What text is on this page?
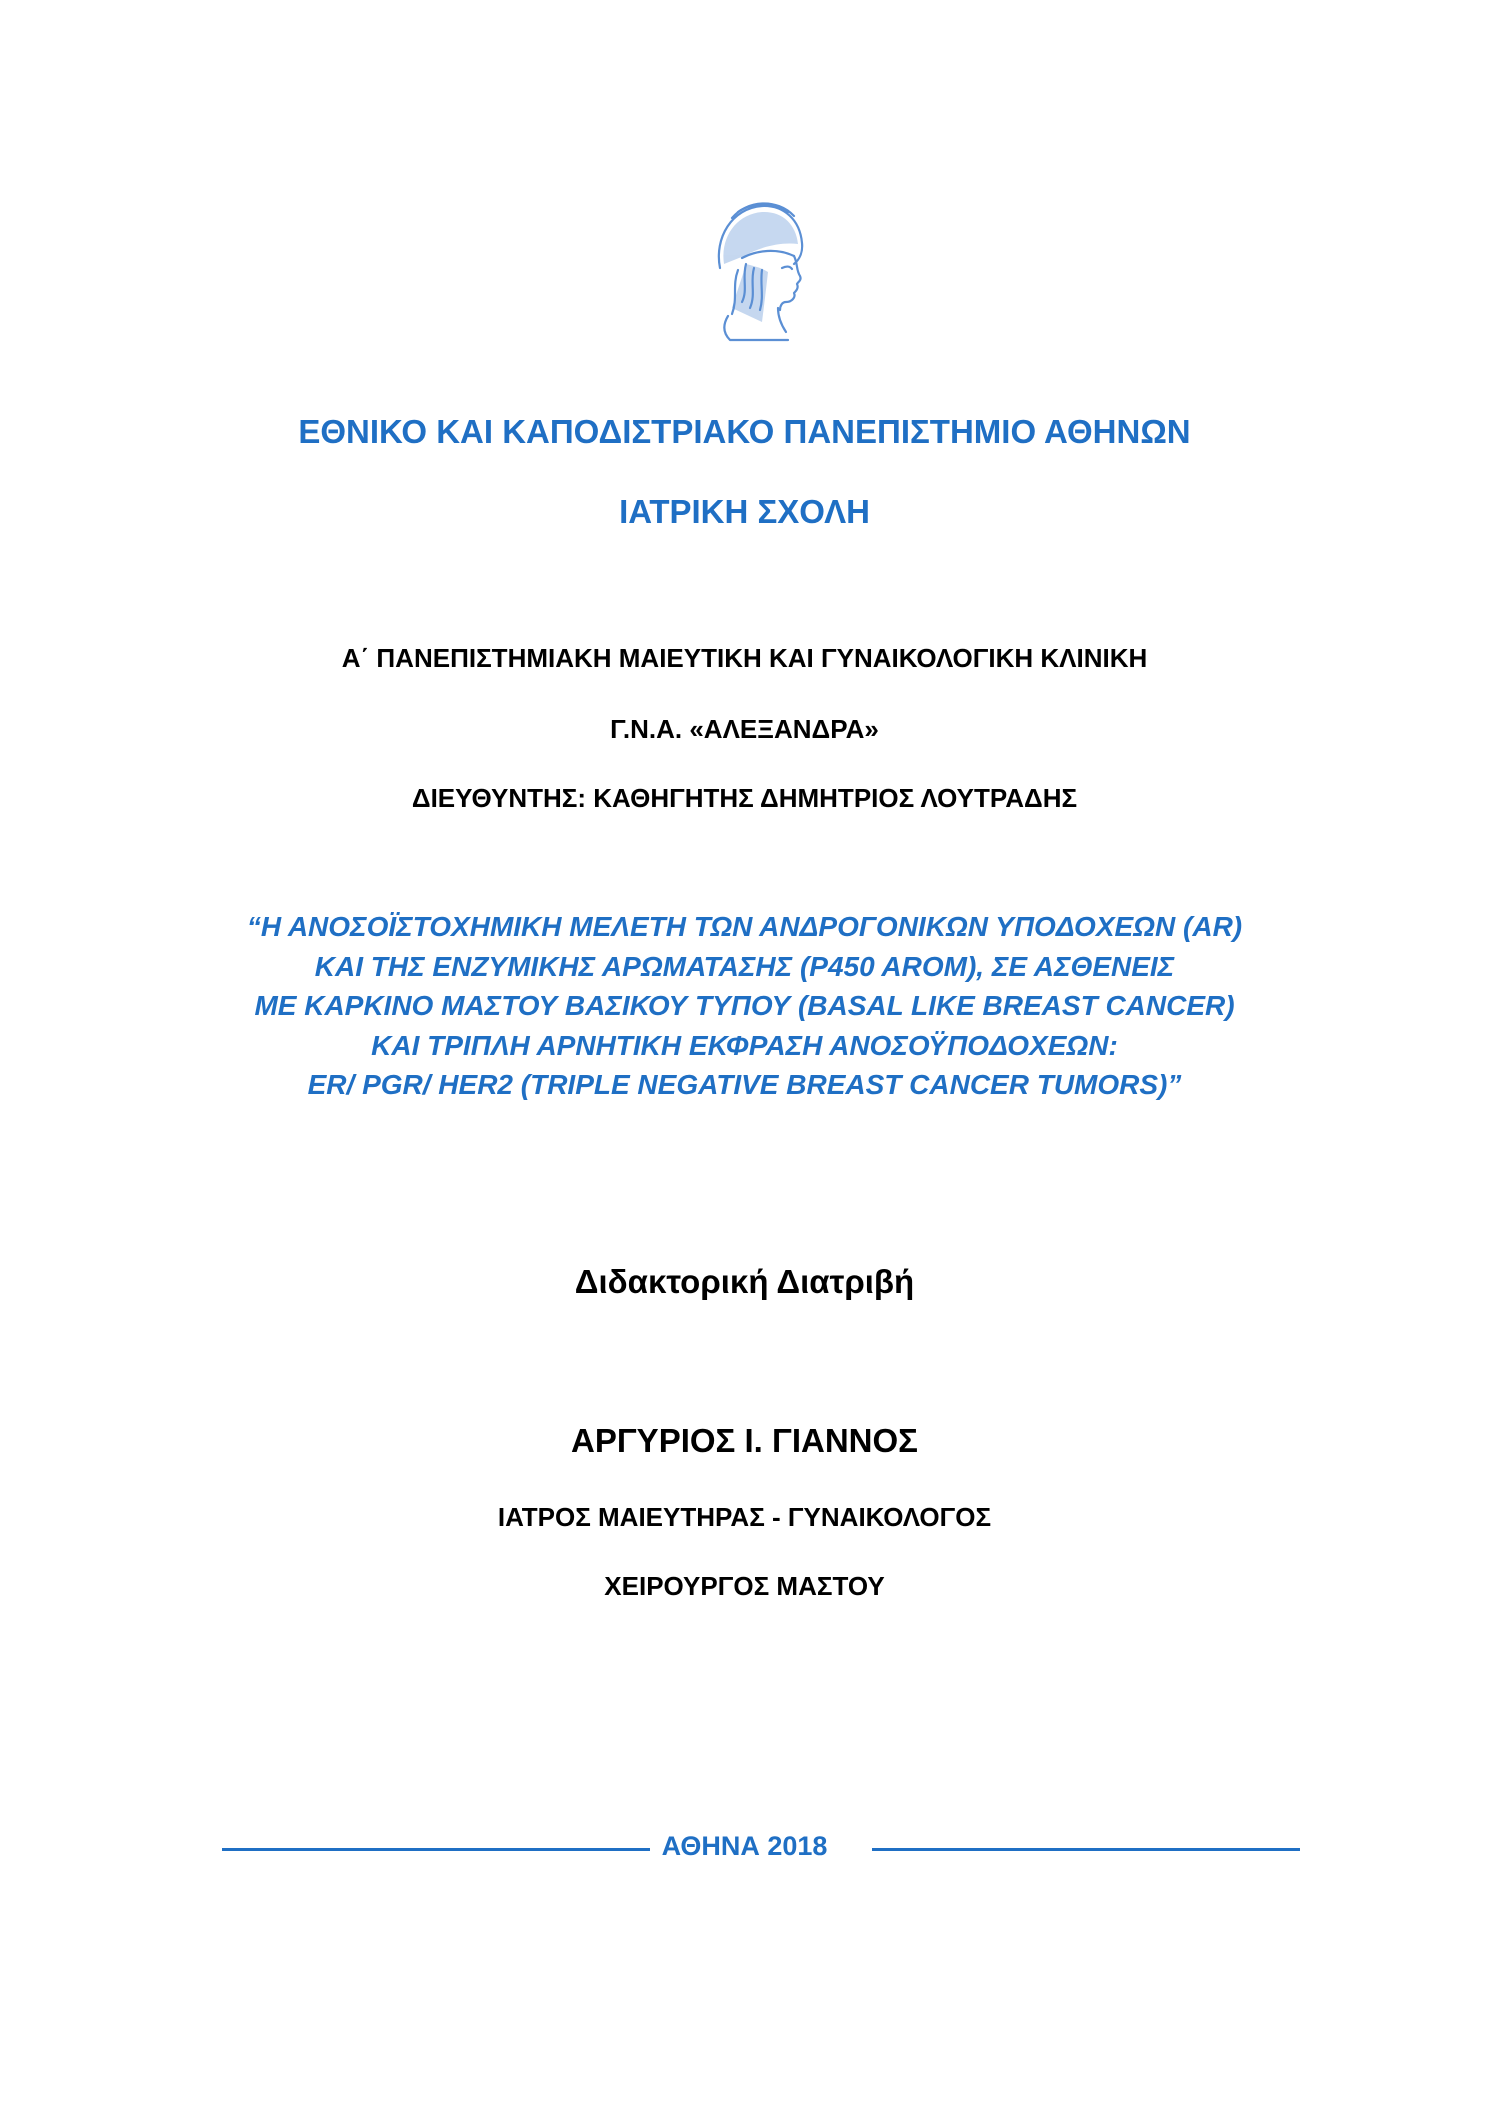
ΕΘΝΙΚΟ ΚΑΙ ΚΑΠΟΔΙΣΤΡΙΑΚΟ ΠΑΝΕΠΙΣΤΗΜΙΟ ΑΘΗΝΩΝ
ΙΑΤΡΙΚΗ ΣΧΟΛΗ
Α΄ ΠΑΝΕΠΙΣΤΗΜΙΑΚΗ ΜΑΙΕΥΤΙΚΗ ΚΑΙ ΓΥΝΑΙΚΟΛΟΓΙΚΗ ΚΛΙΝΙΚΗ
Γ.Ν.Α. «ΑΛΕΞΑΝΔΡΑ»
ΔΙΕΥΘΥΝΤΗΣ: ΚΑΘΗΓΗΤΗΣ ΔΗΜΗΤΡΙΟΣ ΛΟΥΤΡΑΔΗΣ
“Η ΑΝΟΣΟΪΣΤΟΧΗΜΙΚΗ ΜΕΛΕΤΗ ΤΩΝ ΑΝΔΡΟΓΟΝΙΚΩΝ ΥΠΟΔΟΧΕΩΝ (AR)
ΚΑΙ ΤΗΣ ΕΝΖΥΜΙΚΗΣ ΑΡΩΜΑΤΑΣΗΣ (P450 AROM), ΣΕ ΑΣΘΕΝΕΙΣ
ΜΕ ΚΑΡΚΙΝΟ ΜΑΣΤΟΥ ΒΑΣΙΚΟΥ ΤΥΠΟΥ (BASAL LIKE BREAST CANCER)
ΚΑΙ ΤΡΙΠΛΗ ΑΡΝΗΤΙΚΗ ΕΚΦΡΑΣΗ ΑΝΟΣΟΫΠΟΔΟΧΕΩΝ:
ER/ PGR/ HER2 (TRIPLE NEGATIVE BREAST CANCER TUMORS)”
Διδακτορική Διατριβή
ΑΡΓΥΡΙΟΣ Ι. ΓΙΑΝΝΟΣ
ΙΑΤΡΟΣ ΜΑΙΕΥΤΗΡΑΣ - ΓΥΝΑΙΚΟΛΟΓΟΣ
ΧΕΙΡΟΥΡΓΟΣ ΜΑΣΤΟΥ
ΑΘΗΝΑ 2018
